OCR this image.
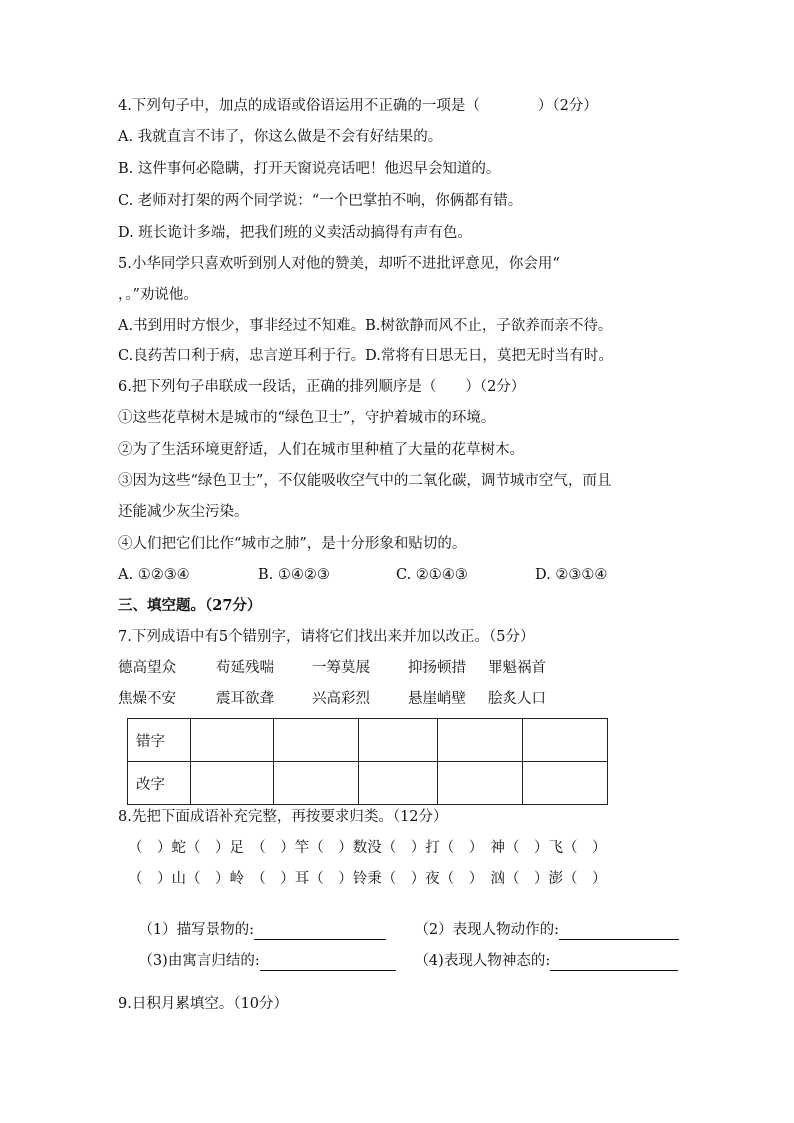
4.下列句子中，加点的成语或俗语运用不正确的一项是（　　　　）（2分）
A. 我就直言不讳了，你这么做是不会有好结果的。
B. 这件事何必隐瞒，打开天窗说亮话吧！他迟早会知道的。
C. 老师对打架的两个同学说：“一个巴掌拍不响，你俩都有错。
D. 班长诡计多端，把我们班的义卖活动搞得有声有色。
5.小华同学只喜欢听到别人对他的赞美，却听不进批评意见，你会用“
，。”劝说他。
A.书到用时方恨少，事非经过不知难。B.树欲静而风不止，子欲养而亲不待。
C.良药苦口利于病，忠言逆耳利于行。D.常将有日思无日，莫把无时当有时。
6.把下列句子串联成一段话，正确的排列顺序是（　　）（2分）
①这些花草树木是城市的“绿色卫士”，守护着城市的环境。
②为了生活环境更舒适，人们在城市里种植了大量的花草树木。
③因为这些“绿色卫士”，不仅能吸收空气中的二氧化碳，调节城市空气，而且
还能减少灰尘污染。
④人们把它们比作“城市之肺”，是十分形象和贴切的。
A. ①②③④	B. ①④②③	C. ②①④③	D. ②③①④
三、填空题。（27分）
7.下列成语中有5个错别字，请将它们找出来并加以改正。（5分）
德高望众	苟延残喘	一筹莫展	抑扬顿措 罪魁祸首
焦燥不安	震耳欲聋	兴高彩烈	悬崖峭壁 脍炙人口
错字					
改字					
8.先把下面成语补充完整，再按要求归类。（12分）
（　）蛇（　）足　（　）竿（　）数没（　）打（　）　神（　）飞（　）
（　）山（　）岭　（　）耳（　）铃秉（　）夜（　）　汹（　）澎（　）

（1）描写景物的:
	（2）表现人物动作的:

（3)由寓言归结的:
	（4)表现人物神态的:

9.日积月累填空。（10分）
